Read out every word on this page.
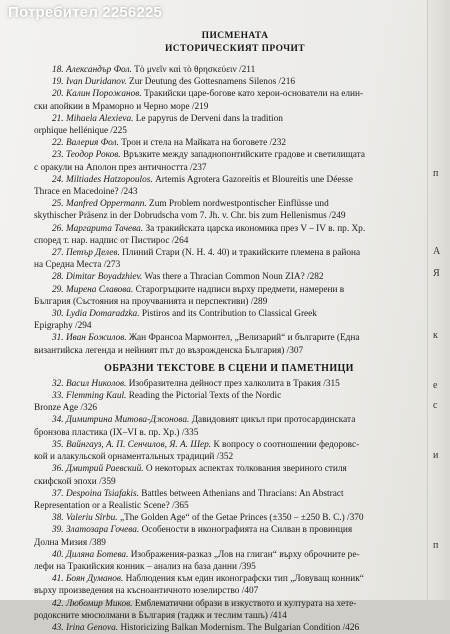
Потребител 2256225
ПИСМЕНАТА
ИСТОРИЧЕСКИЯТ ПРОЧИТ
18. Александър Фол. Τὸ μνεῖν καὶ τὸ θρησκεύειν /211
19. Ivan Duridanov. Zur Deutung des Gottesnamens Silenos /216
20. Калин Порожанов. Тракийски царе-богове като херои-основатели на елин-
ски апойкии в Мраморно и Черно море /219
21. Mihaela Alexieva. Le papyrus de Derveni dans la tradition
orphique hellénique /225
22. Валерия Фол. Трон и стела на Майката на боговете /232
23. Теодор Роков. Връзките между западнопонтийските градове и светилищата
с оракули на Аполон през античността /237
24. Miltiades Hatzopoulos. Artemis Agrotera Gazoreitis et Bloureitis une Déesse
Thrace en Macedoine? /243
25. Manfred Oppermann. Zum Problem nordwestpontischer Einflüsse und
skythischer Präsenz in der Dobrudscha vom 7. Jh. v. Chr. bis zum Hellenismus /249
26. Маргарита Тачева. За тракийската царска икономика през V – IV в. пр. Хр.
според т. нар. надпис от Пистирос /264
27. Петър Делев. Плиний Стари (N. H. 4. 40) и тракийските племена в района
на Средна Места /273
28. Dimitar Boyadzhiev. Was there a Thracian Common Noun ZIA? /282
29. Мирена Славова. Старогръцките надписи върху предмети, намерени в
България (Състояния на проучванията и перспективи) /289
30. Lydia Domaradzka. Pistiros and its Contribution to Classical Greek
Epigraphy /294
31. Иван Божилов. Жан Франсоа Мармонтел, „Велизарий“ и българите (Една
византийска легенда и нейният път до възрожденска България) /307
ОБРАЗНИ ТЕКСТОВЕ В СЦЕНИ И ПАМЕТНИЦИ
32. Васил Николов. Изобразителна дейност през халколита в Тракия /315
33. Flemming Kaul. Reading the Pictorial Texts of the Nordic
Bronze Age /326
34. Димитрина Митова-Джонова. Давидовият цикъл при протосардинската
бронзова пластика (IX–VI в. пр. Хр.) /335
35. Вайнгауз, А. П. Сенчилов, Я. А. Шер. К вопросу о соотношении федоровс-
кой и алакульской орнаментальных традиций /352
36. Дмитрий Раевский. О некоторых аспектах толкования звериного стиля
скифской эпохи /359
37. Despoina Tsiafakis. Battles between Athenians and Thracians: An Abstract
Representation or a Realistic Scene? /365
38. Valeriu Sîrbu. „The Golden Age“ of the Getae Princes (±350 – ±250 В. С.) /370
39. Златозара Гочева. Особености в иконографията на Силван в провинция
Долна Мизия /389
40. Диляна Ботева. Изображения-разказ „Лов на глиган“ върху оброчните ре-
лефи на Тракийския конник – анализ на база данни /395
41. Боян Думанов. Наблюдения към един иконографски тип „Ловуващ конник“
върху произведения на късноантичното юзелирство /407
42. Любомир Миков. Емблематични образи в изкуството и културата на хете-
родоксните мюсюлмани в България (таджк и теслим ташъ) /414
43. Irina Genova. Historicizing Balkan Modernism. The Bulgarian Condition /426
п
А
Я
к
е
с
и
п
